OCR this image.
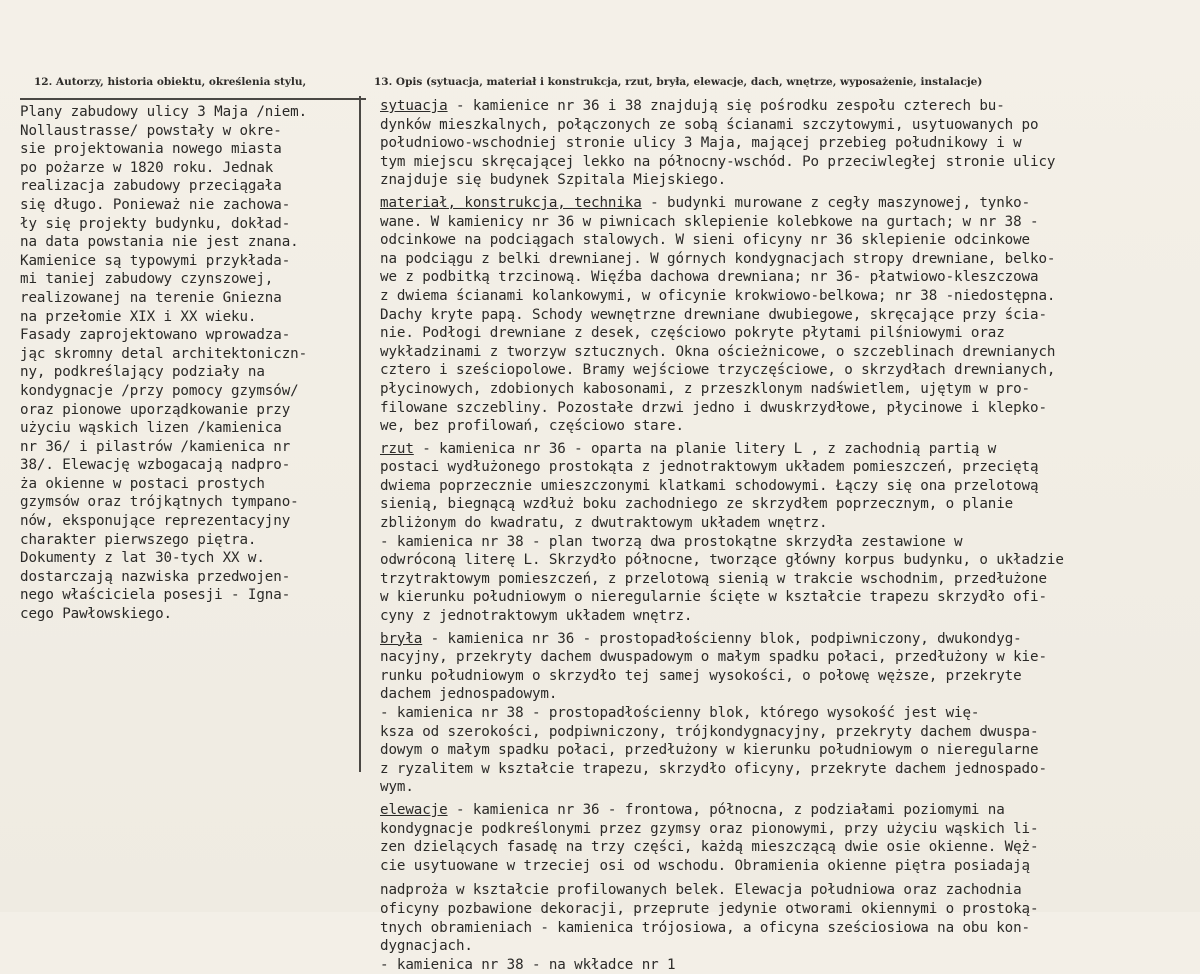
12. Autorzy, historia obiektu, określenia stylu,	13. Opis (sytuacja, materiał i konstrukcja, rzut, bryła, elewacje, dach, wnętrze, wyposażenie, instalacje)
Plany zabudowy ulicy 3 Maja /niem.
Nollaustrasse/ powstały w okre-
sie projektowania nowego miasta
po pożarze w 1820 roku. Jednak
realizacja zabudowy przeciągała
się długo. Ponieważ nie zachowa-
ły się projekty budynku, dokład-
na data powstania nie jest znana.
Kamienice są typowymi przykłada-
mi taniej zabudowy czynszowej,
realizowanej na terenie Gniezna
na przełomie XIX i XX wieku.
Fasady zaprojektowano wprowadza-
jąc skromny detal architektoniczn-
ny, podkreślający podziały na
kondygnacje /przy pomocy gzymsów/
oraz pionowe uporządkowanie przy
użyciu wąskich lizen /kamienica
nr 36/ i pilastrów /kamienica nr
38/. Elewację wzbogacają nadpro-
ża okienne w postaci prostych
gzymsów oraz trójkątnych tympano-
nów, eksponujące reprezentacyjny
charakter pierwszego piętra.
Dokumenty z lat 30-tych XX w.
dostarczają nazwiska przedwojen-
nego właściciela posesji - Igna-
cego Pawłowskiego.
sytuacja - kamienice nr 36 i 38 znajdują się pośrodku zespołu czterech bu-
dynków mieszkalnych, połączonych ze sobą ścianami szczytowymi, usytuowanych po
południowo-wschodniej stronie ulicy 3 Maja, mającej przebieg południkowy i w
tym miejscu skręcającej lekko na północny-wschód. Po przeciwległej stronie ulicy
znajduje się budynek Szpitala Miejskiego.
materiał, konstrukcja, technika - budynki murowane z cegły maszynowej, tynko-
wane. W kamienicy nr 36 w piwnicach sklepienie kolebkowe na gurtach; w nr 38 -
odcinkowe na podciągach stalowych. W sieni oficyny nr 36 sklepienie odcinkowe
na podciągu z belki drewnianej. W górnych kondygnacjach stropy drewniane, belko-
we z podbitką trzcinową. Więźba dachowa drewniana; nr 36- płatwiowo-kleszczowa
z dwiema ścianami kolankowymi, w oficynie krokwiowo-belkowa; nr 38 -niedostępna.
Dachy kryte papą. Schody wewnętrzne drewniane dwubiegowe, skręcające przy ścia-
nie. Podłogi drewniane z desek, częściowo pokryte płytami pilśniowymi oraz
wykładzinami z tworzyw sztucznych. Okna ościeżnicowe, o szczeblinach drewnianych
cztero i sześciopolowe. Bramy wejściowe trzyczęściowe, o skrzydłach drewnianych,
płycinowych, zdobionych kabosonami, z przeszklonym nadświetlem, ujętym w pro-
filowane szczebliny. Pozostałe drzwi jedno i dwuskrzydłowe, płycinowe i klepko-
we, bez profilowań, częściowo stare.
rzut - kamienica nr 36 - oparta na planie litery L , z zachodnią partią w
postaci wydłużonego prostokąta z jednotraktowym układem pomieszczeń, przeciętą
dwiema poprzecznie umieszczonymi klatkami schodowymi. Łączy się ona przelotową
sienią, biegnącą wzdłuż boku zachodniego ze skrzydłem poprzecznym, o planie
zbliżonym do kwadratu, z dwutraktowym układem wnętrz.
- kamienica nr 38 - plan tworzą dwa prostokątne skrzydła zestawione w
odwróconą literę L. Skrzydło północne, tworzące główny korpus budynku, o układzie
trzytraktowym pomieszczeń, z przelotową sienią w trakcie wschodnim, przedłużone
w kierunku południowym o nieregularnie ścięte w kształcie trapezu skrzydło ofi-
cyny z jednotraktowym układem wnętrz.
bryła - kamienica nr 36 - prostopadłościenny blok, podpiwniczony, dwukondyg-
nacyjny, przekryty dachem dwuspadowym o małym spadku połaci, przedłużony w kie-
runku południowym o skrzydło tej samej wysokości, o połowę węższe, przekryte
dachem jednospadowym.
- kamienica nr 38 - prostopadłościenny blok, którego wysokość jest wię-
ksza od szerokości, podpiwniczony, trójkondygnacyjny, przekryty dachem dwuspa-
dowym o małym spadku połaci, przedłużony w kierunku południowym o nieregularne
z ryzalitem w kształcie trapezu, skrzydło oficyny, przekryte dachem jednospado-
wym.
elewacje - kamienica nr 36 - frontowa, północna, z podziałami poziomymi na
kondygnacje podkreślonymi przez gzymsy oraz pionowymi, przy użyciu wąskich li-
zen dzielących fasadę na trzy części, każdą mieszczącą dwie osie okienne. Węż-
cie usytuowane w trzeciej osi od wschodu. Obramienia okienne piętra posiadają
nadproża w kształcie profilowanych belek. Elewacja południowa oraz zachodnia
oficyny pozbawione dekoracji, przeprute jedynie otworami okiennymi o prostoką-
tnych obramieniach - kamienica trójosiowa, a oficyna sześciosiowa na obu kon-
dygnacjach.
- kamienica nr 38 - na wkładce nr 1
